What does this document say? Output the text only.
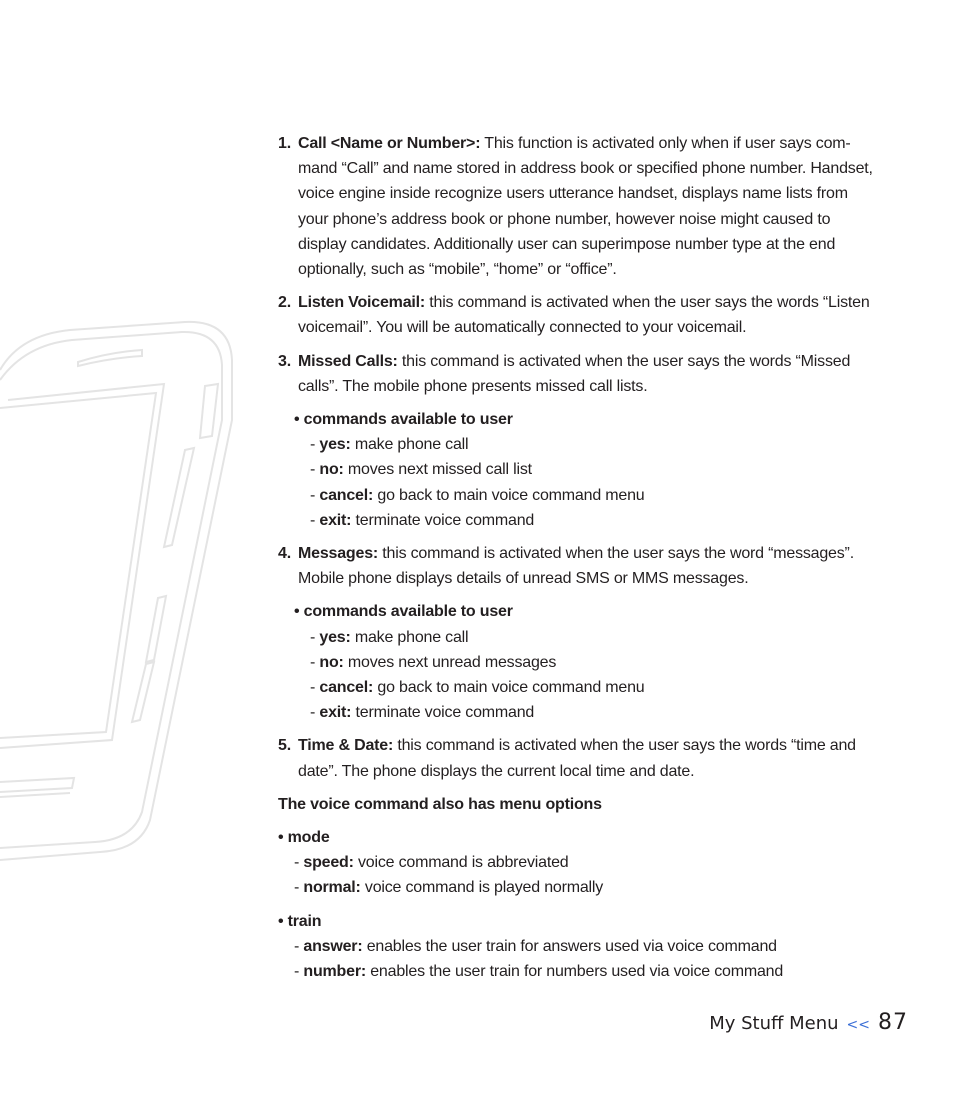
1. Call <Name or Number>: This function is activated only when if user says com-mand “Call” and name stored in address book or specified phone number. Handset, voice engine inside recognize users utterance handset, displays name lists from your phone’s address book or phone number, however noise might caused to display candidates. Additionally user can superimpose number type at the end optionally, such as “mobile”, “home” or “office”.
2. Listen Voicemail: this command is activated when the user says the words “Listen voicemail”. You will be automatically connected to your voicemail.
3. Missed Calls: this command is activated when the user says the words “Missed calls”. The mobile phone presents missed call lists.
• commands available to user
- yes: make phone call
- no: moves next missed call list
- cancel: go back to main voice command menu
- exit: terminate voice command
4. Messages: this command is activated when the user says the word “messages”. Mobile phone displays details of unread SMS or MMS messages.
• commands available to user
- yes: make phone call
- no: moves next unread messages
- cancel: go back to main voice command menu
- exit: terminate voice command
5. Time & Date: this command is activated when the user says the words “time and date”. The phone displays the current local time and date.
The voice command also has menu options
• mode
- speed: voice command is abbreviated
- normal: voice command is played normally
• train
- answer: enables the user train for answers used via voice command
- number: enables the user train for numbers used via voice command
My Stuff Menu << 87
